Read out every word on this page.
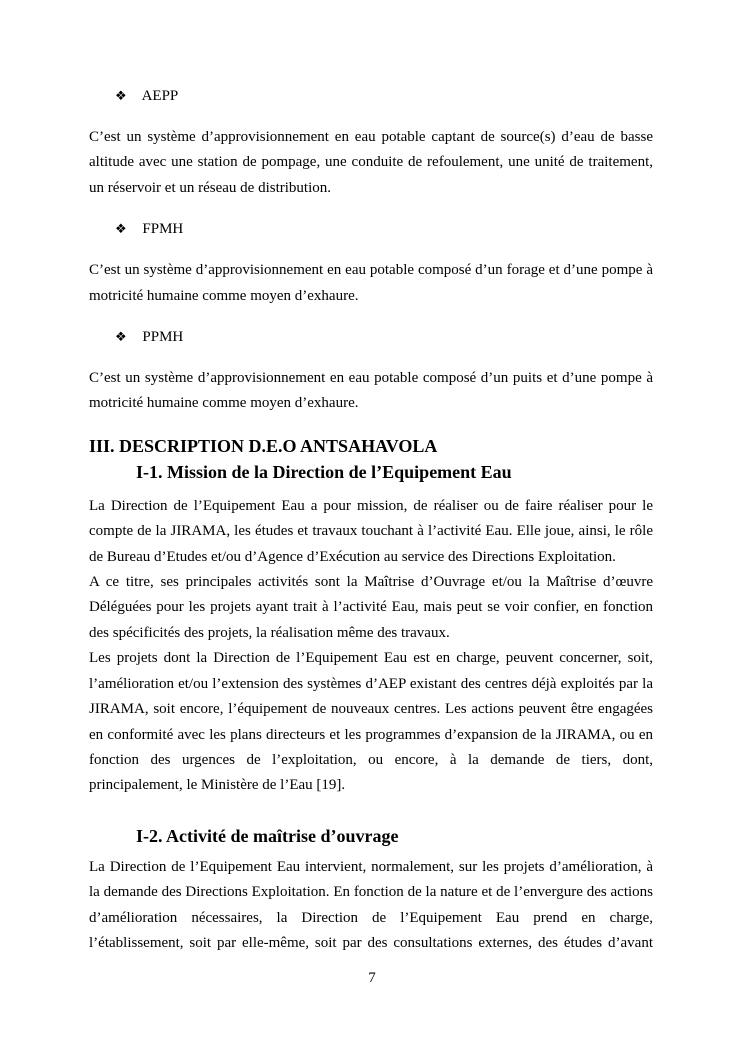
❖ AEPP

C’est un système d’approvisionnement en eau potable captant de source(s) d’eau de basse altitude avec une station de pompage, une conduite de refoulement, une unité de traitement, un réservoir et un réseau de distribution.

❖ FPMH

C’est un système d’approvisionnement en eau potable composé d’un forage et d’une pompe à motricité humaine comme moyen d’exhaure.

❖ PPMH

C’est un système d’approvisionnement en eau potable composé d’un puits et d’une pompe à motricité humaine comme moyen d’exhaure.

III. DESCRIPTION D.E.O ANTSAHAVOLA
I-1. Mission de la Direction de l’Equipement Eau

La Direction de l’Equipement Eau a pour mission, de réaliser ou de faire réaliser pour le compte de la JIRAMA, les études et travaux touchant à l’activité Eau. Elle joue, ainsi, le rôle de Bureau d’Etudes et/ou d’Agence d’Exécution au service des Directions Exploitation.

A ce titre, ses principales activités sont la Maîtrise d’Ouvrage et/ou la Maîtrise d’œuvre Déléguées pour les projets ayant trait à l’activité Eau, mais peut se voir confier, en fonction des spécificités des projets, la réalisation même des travaux.

Les projets dont la Direction de l’Equipement Eau est en charge, peuvent concerner, soit, l’amélioration et/ou l’extension des systèmes d’AEP existant des centres déjà exploités par la JIRAMA, soit encore, l’équipement de nouveaux centres. Les actions peuvent être engagées en conformité avec les plans directeurs et les programmes d’expansion de la JIRAMA, ou en fonction des urgences de l’exploitation, ou encore, à la demande de tiers, dont, principalement, le Ministère de l’Eau [19].

I-2. Activité de maîtrise d’ouvrage

La Direction de l’Equipement Eau intervient, normalement, sur les projets d’amélioration, à la demande des Directions Exploitation. En fonction de la nature et de l’envergure des actions d’amélioration nécessaires, la Direction de l’Equipement Eau prend en charge, l’établissement, soit par elle-même, soit par des consultations externes, des études d’avant

7
